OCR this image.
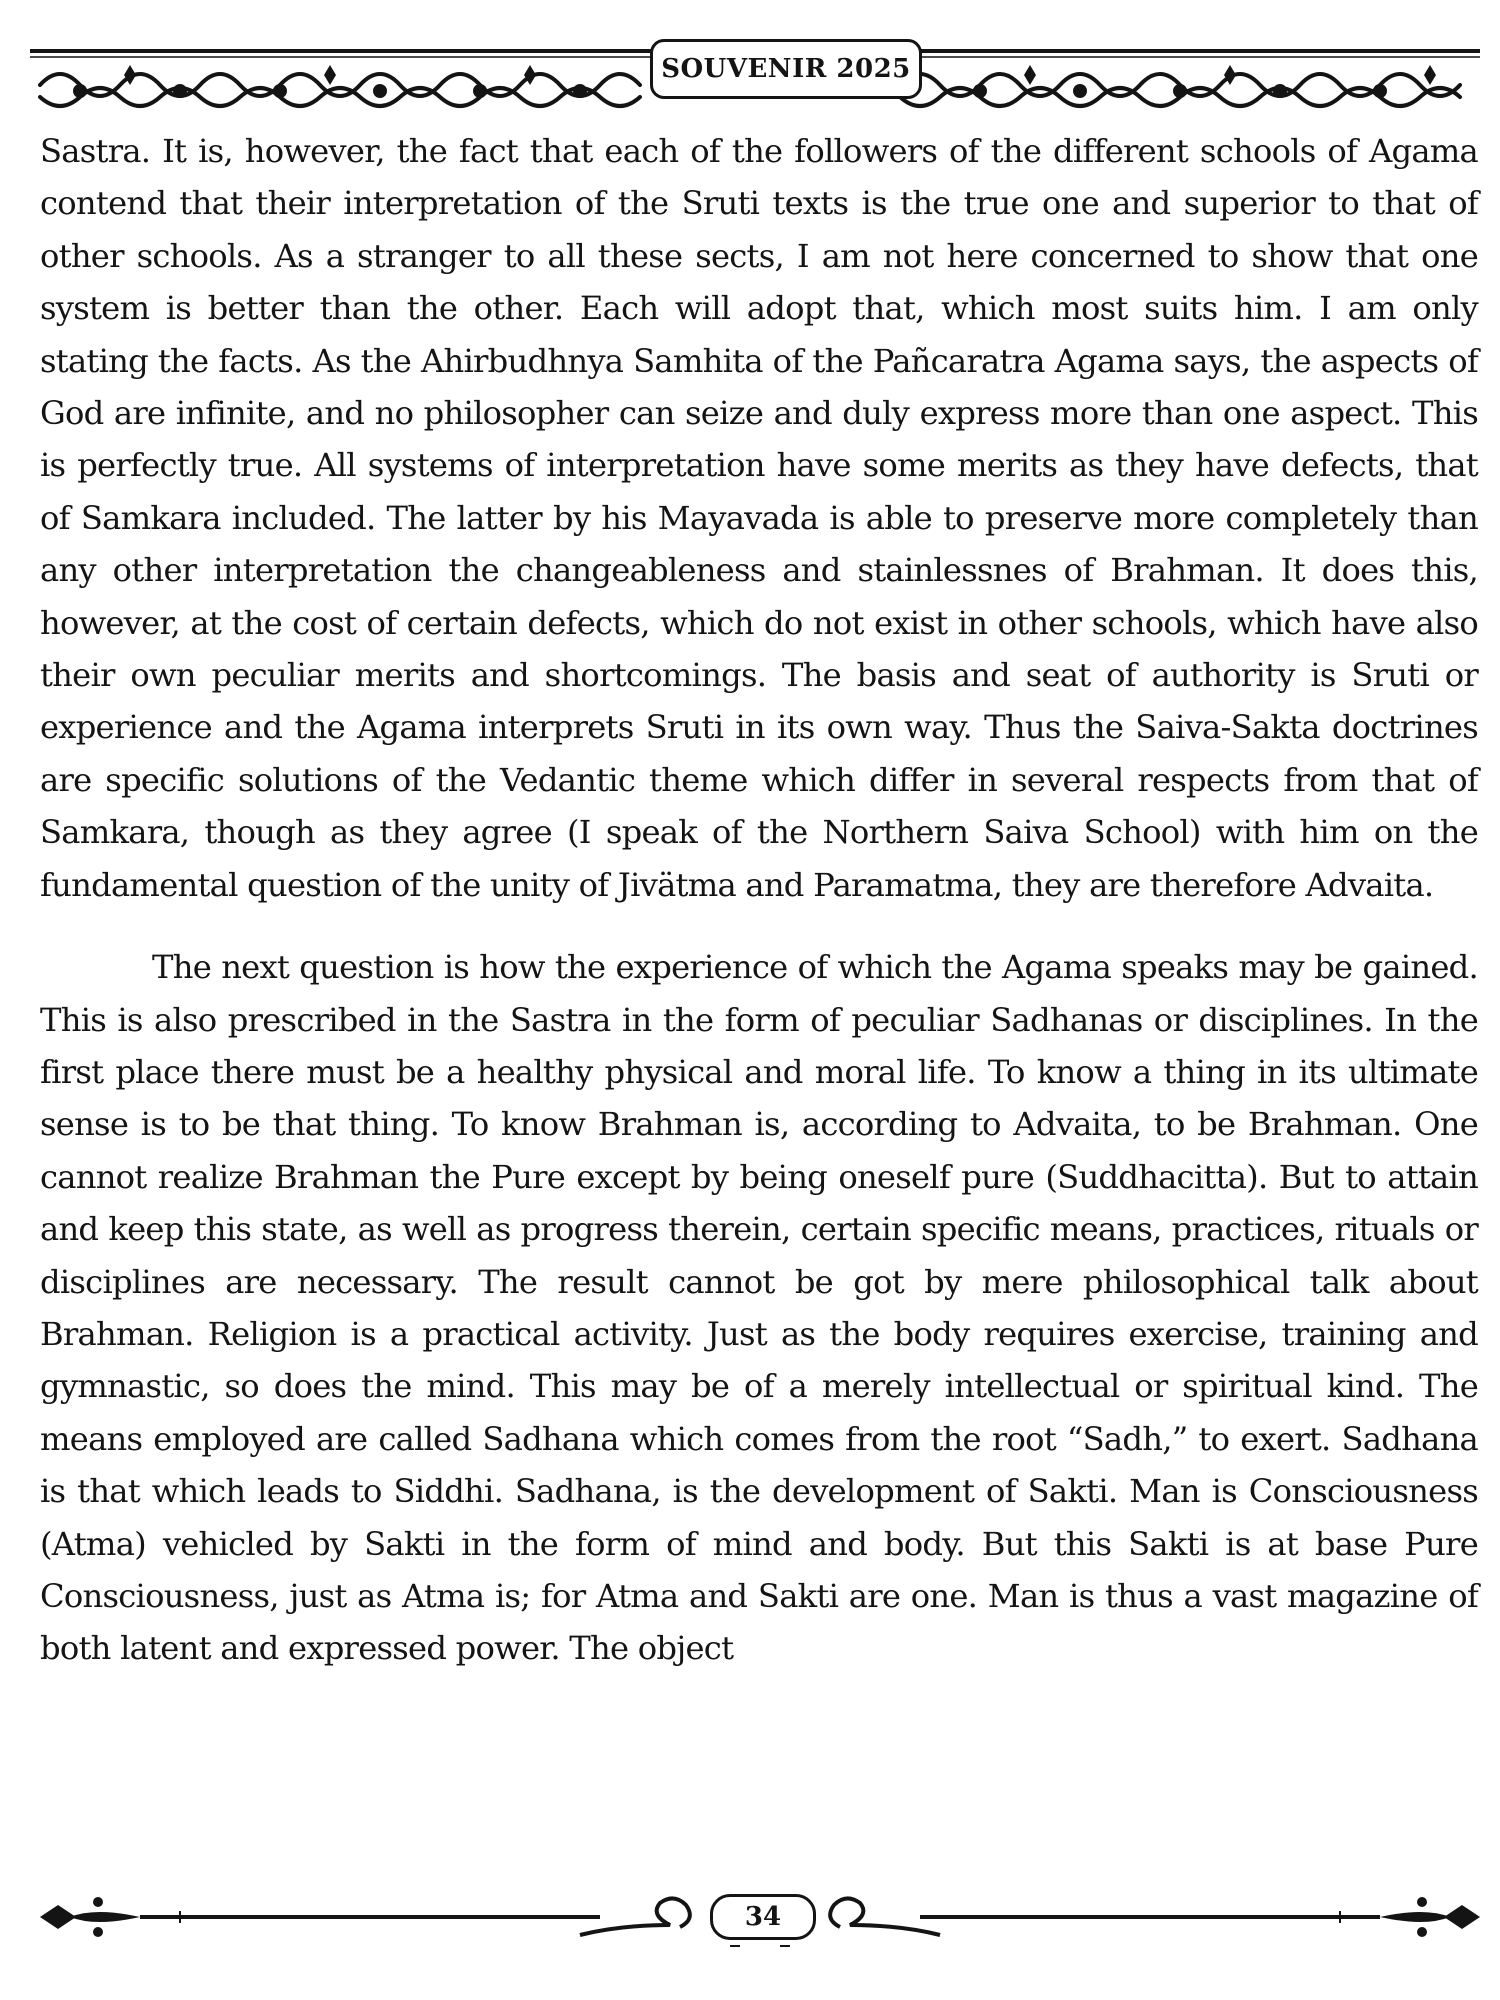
SOUVENIR 2025

Sastra. It is, however, the fact that each of the followers of the different schools of Agama contend that their interpretation of the Sruti texts is the true one and superior to that of other schools. As a stranger to all these sects, I am not here concerned to show that one system is better than the other. Each will adopt that, which most suits him. I am only stating the facts. As the Ahirbudhnya Samhita of the Pañcaratra Agama says, the aspects of God are infinite, and no philosopher can seize and duly express more than one aspect. This is perfectly true. All systems of interpretation have some merits as they have defects, that of Samkara included. The latter by his Mayavada is able to preserve more completely than any other interpretation the changeableness and stainlessnes of Brahman. It does this, however, at the cost of certain defects, which do not exist in other schools, which have also their own peculiar merits and shortcomings. The basis and seat of authority is Sruti or experience and the Agama interprets Sruti in its own way. Thus the Saiva-Sakta doctrines are specific solutions of the Vedantic theme which differ in several respects from that of Samkara, though as they agree (I speak of the Northern Saiva School) with him on the fundamental question of the unity of Jivätma and Paramatma, they are therefore Advaita.

The next question is how the experience of which the Agama speaks may be gained. This is also prescribed in the Sastra in the form of peculiar Sadhanas or disciplines. In the first place there must be a healthy physical and moral life. To know a thing in its ultimate sense is to be that thing. To know Brahman is, according to Advaita, to be Brahman. One cannot realize Brahman the Pure except by being oneself pure (Suddhacitta). But to attain and keep this state, as well as progress therein, certain specific means, practices, rituals or disciplines are necessary. The result cannot be got by mere philosophical talk about Brahman. Religion is a practical activity. Just as the body requires exercise, training and gymnastic, so does the mind. This may be of a merely intellectual or spiritual kind. The means employed are called Sadhana which comes from the root “Sadh,” to exert. Sadhana is that which leads to Siddhi. Sadhana, is the development of Sakti. Man is Consciousness (Atma) vehicled by Sakti in the form of mind and body. But this Sakti is at base Pure Consciousness, just as Atma is; for Atma and Sakti are one. Man is thus a vast magazine of both latent and expressed power. The object

34
